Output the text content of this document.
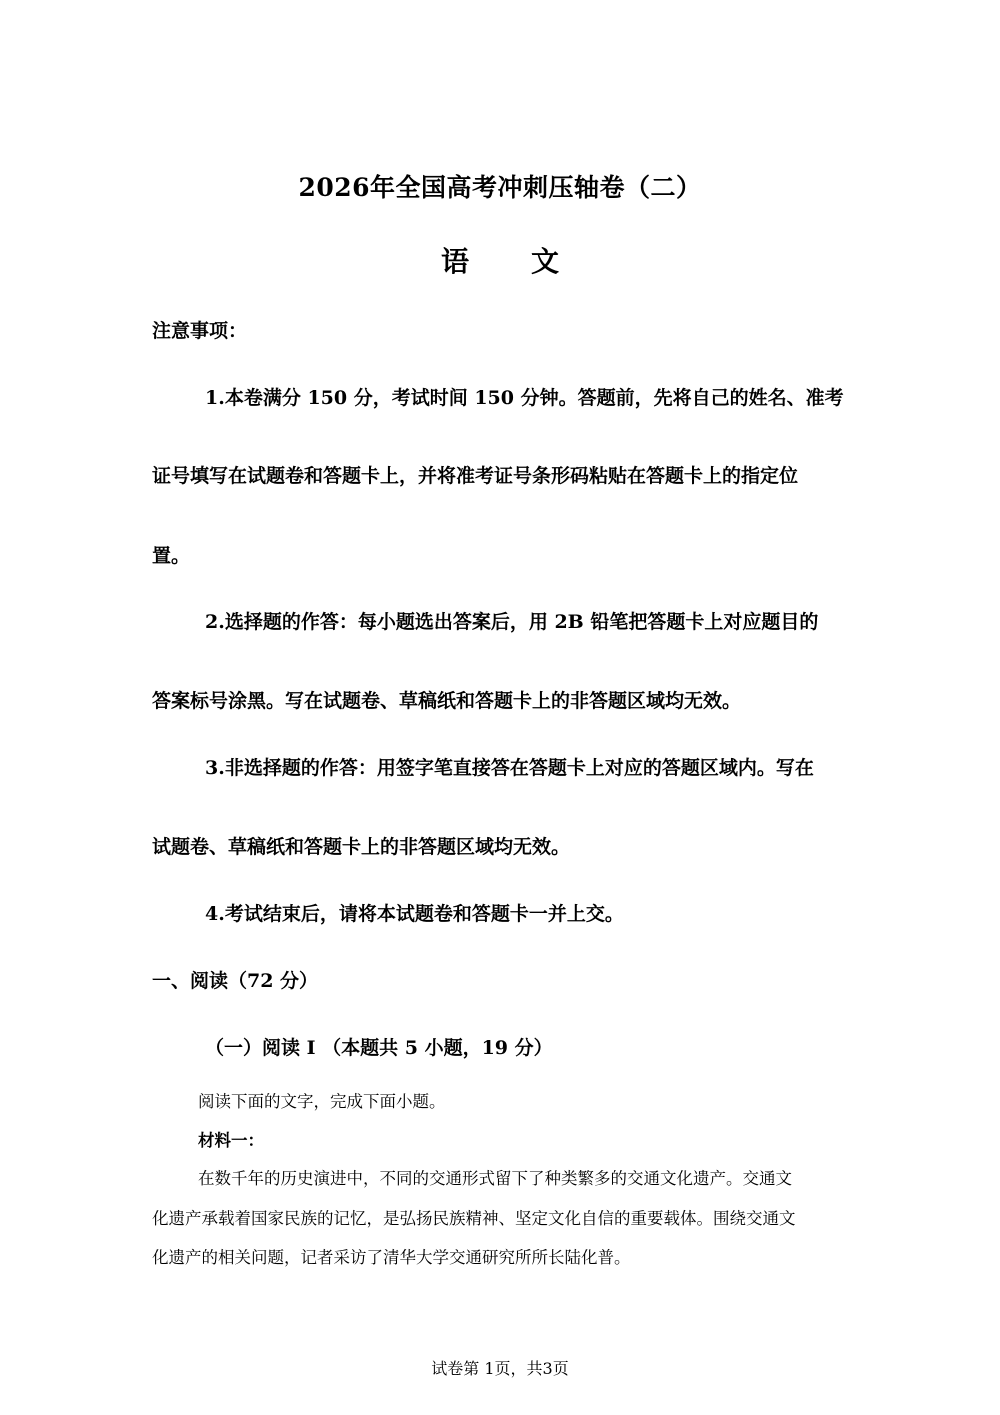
2026年全国高考冲刺压轴卷（二）
语 文
注意事项：
1.本卷满分 150 分，考试时间 150 分钟。答题前，先将自己的姓名、准考
证号填写在试题卷和答题卡上，并将准考证号条形码粘贴在答题卡上的指定位
置。
2.选择题的作答：每小题选出答案后，用 2B 铅笔把答题卡上对应题目的
答案标号涂黑。写在试题卷、草稿纸和答题卡上的非答题区域均无效。
3.非选择题的作答：用签字笔直接答在答题卡上对应的答题区域内。写在
试题卷、草稿纸和答题卡上的非答题区域均无效。
4.考试结束后，请将本试题卷和答题卡一并上交。
一、阅读（72 分）
（一）阅读 I （本题共 5 小题，19 分）
阅读下面的文字，完成下面小题。
材料一：
在数千年的历史演进中，不同的交通形式留下了种类繁多的交通文化遗产。交通文
化遗产承载着国家民族的记忆，是弘扬民族精神、坚定文化自信的重要载体。围绕交通文
化遗产的相关问题，记者采访了清华大学交通研究所所长陆化普。
试卷第 1页，共3页
